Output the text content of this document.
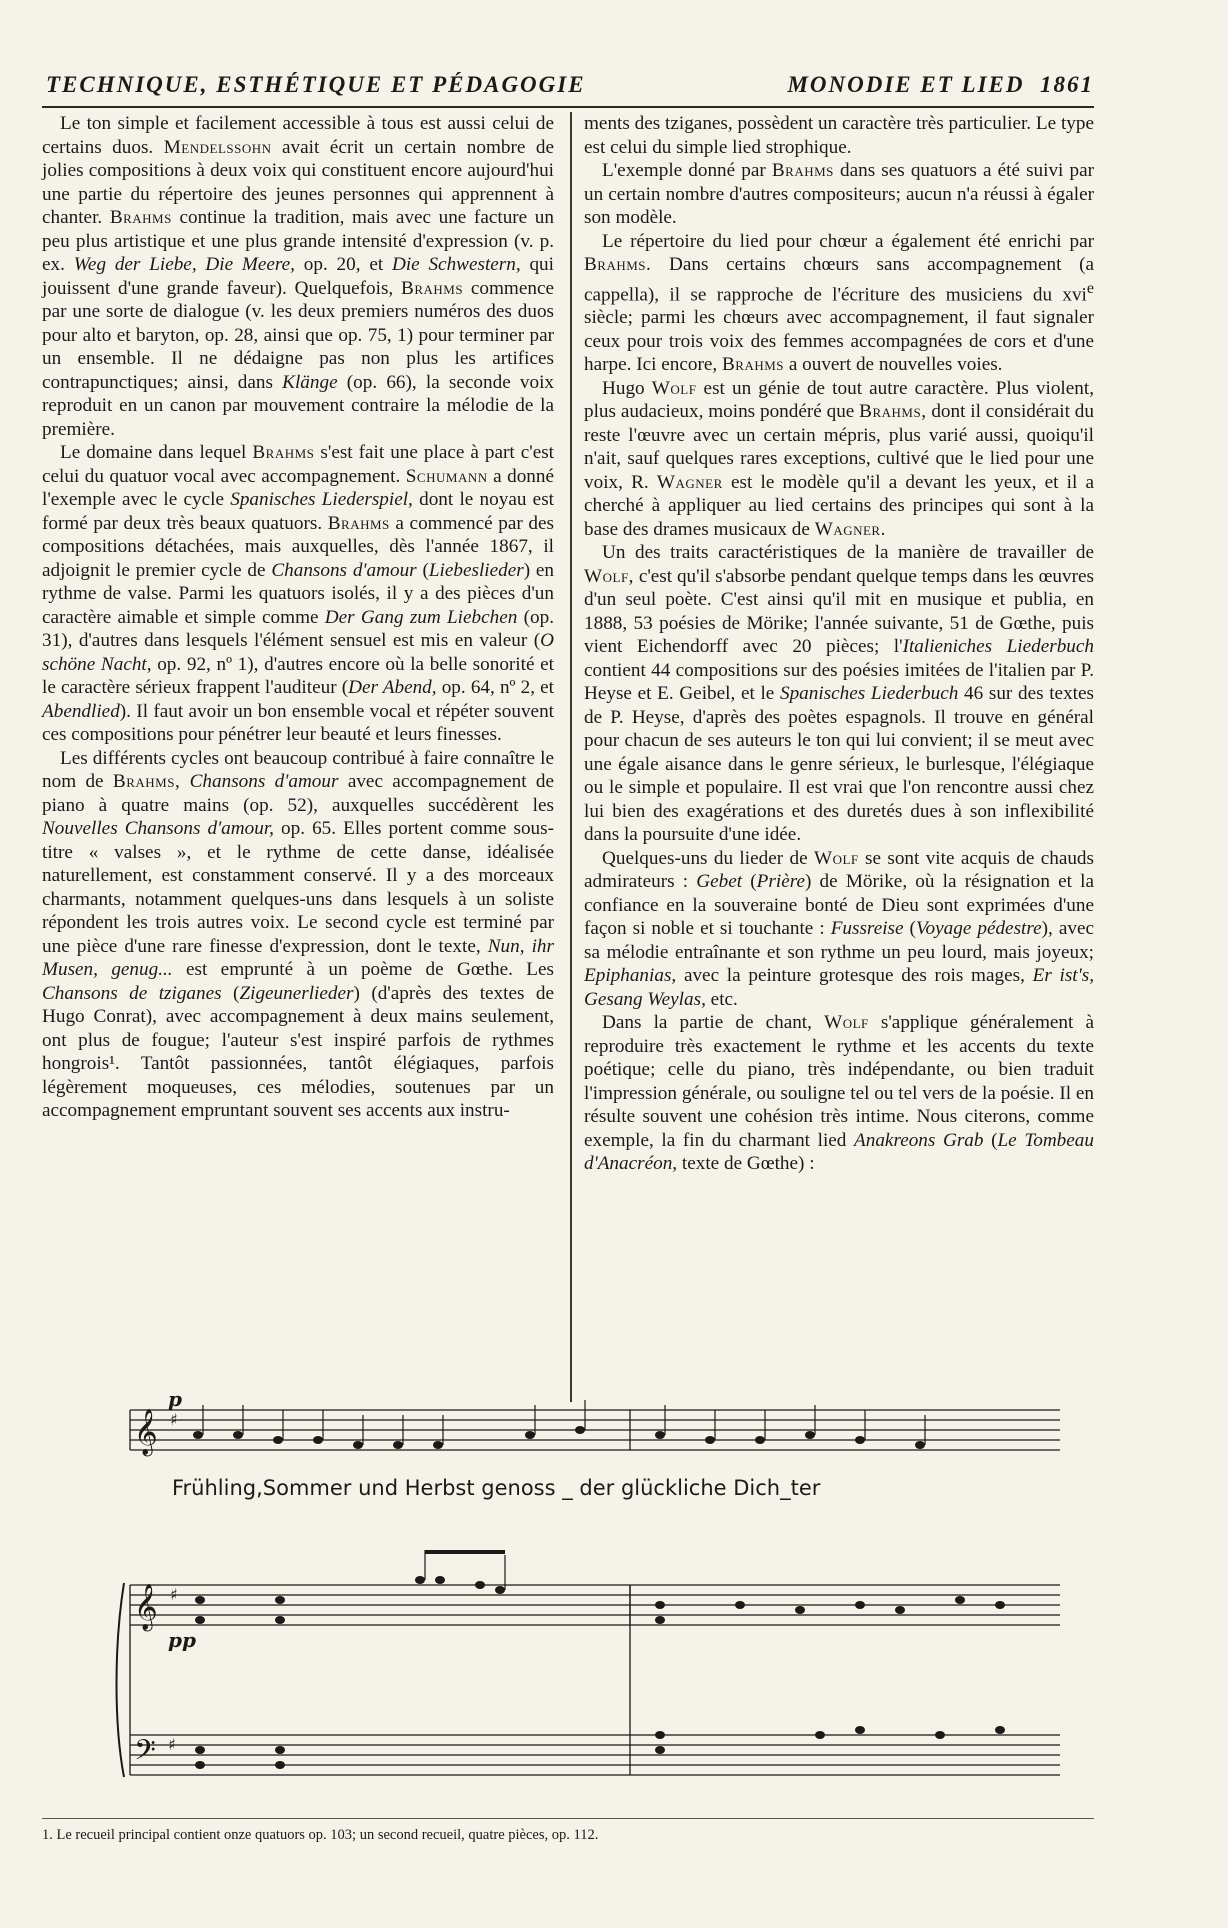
TECHNIQUE, ESTHÉTIQUE ET PÉDAGOGIE	MONODIE ET LIED 1861

Le ton simple et facilement accessible à tous est aussi celui de certains duos. Mendelssohn avait écrit un certain nombre de jolies compositions à deux voix qui constituent encore aujourd'hui une partie du répertoire des jeunes personnes qui apprennent à chanter. Brahms continue la tradition, mais avec une facture un peu plus artistique et une plus grande intensité d'expression (v. p. ex. Weg der Liebe, Die Meere, op. 20, et Die Schwestern, qui jouissent d'une grande faveur). Quelquefois, Brahms commence par une sorte de dialogue (v. les deux premiers numéros des duos pour alto et baryton, op. 28, ainsi que op. 75, 1) pour terminer par un ensemble. Il ne dédaigne pas non plus les artifices contrapunctiques; ainsi, dans Klänge (op. 66), la seconde voix reproduit en un canon par mouvement contraire la mélodie de la première.

Le domaine dans lequel Brahms s'est fait une place à part c'est celui du quatuor vocal avec accompagnement. Schumann a donné l'exemple avec le cycle Spanisches Liederspiel, dont le noyau est formé par deux très beaux quatuors. Brahms a commencé par des compositions détachées, mais auxquelles, dès l'année 1867, il adjoignit le premier cycle de Chansons d'amour (Liebeslieder) en rythme de valse. Parmi les quatuors isolés, il y a des pièces d'un caractère aimable et simple comme Der Gang zum Liebchen (op. 31), d'autres dans lesquels l'élément sensuel est mis en valeur (O schöne Nacht, op. 92, nº 1), d'autres encore où la belle sonorité et le caractère sérieux frappent l'auditeur (Der Abend, op. 64, nº 2, et Abendlied). Il faut avoir un bon ensemble vocal et répéter souvent ces compositions pour pénétrer leur beauté et leurs finesses.

Les différents cycles ont beaucoup contribué à faire connaître le nom de Brahms, Chansons d'amour avec accompagnement de piano à quatre mains (op. 52), auxquelles succédèrent les Nouvelles Chansons d'amour, op. 65. Elles portent comme sous-titre « valses », et le rythme de cette danse, idéalisée naturellement, est constamment conservé. Il y a des morceaux charmants, notamment quelques-uns dans lesquels à un soliste répondent les trois autres voix. Le second cycle est terminé par une pièce d'une rare finesse d'expression, dont le texte, Nun, ihr Musen, genug... est emprunté à un poème de Gœthe. Les Chansons de tziganes (Zigeunerlieder) (d'après des textes de Hugo Conrat), avec accompagnement à deux mains seulement, ont plus de fougue; l'auteur s'est inspiré parfois de rythmes hongrois¹. Tantôt passionnées, tantôt élégiaques, parfois légèrement moqueuses, ces mélodies, soutenues par un accompagnement empruntant souvent ses accents aux instru-

ments des tziganes, possèdent un caractère très particulier. Le type est celui du simple lied strophique.

L'exemple donné par Brahms dans ses quatuors a été suivi par un certain nombre d'autres compositeurs; aucun n'a réussi à égaler son modèle.

Le répertoire du lied pour chœur a également été enrichi par Brahms. Dans certains chœurs sans accompagnement (a cappella), il se rapproche de l'écriture des musiciens du xvi$^e$ siècle; parmi les chœurs avec accompagnement, il faut signaler ceux pour trois voix des femmes accompagnées de cors et d'une harpe. Ici encore, Brahms a ouvert de nouvelles voies.

Hugo Wolf est un génie de tout autre caractère. Plus violent, plus audacieux, moins pondéré que Brahms, dont il considérait du reste l'œuvre avec un certain mépris, plus varié aussi, quoiqu'il n'ait, sauf quelques rares exceptions, cultivé que le lied pour une voix, R. Wagner est le modèle qu'il a devant les yeux, et il a cherché à appliquer au lied certains des principes qui sont à la base des drames musicaux de Wagner.

Un des traits caractéristiques de la manière de travailler de Wolf, c'est qu'il s'absorbe pendant quelque temps dans les œuvres d'un seul poète. C'est ainsi qu'il mit en musique et publia, en 1888, 53 poésies de Mörike; l'année suivante, 51 de Gœthe, puis vient Eichendorff avec 20 pièces; l'Italieniches Liederbuch contient 44 compositions sur des poésies imitées de l'italien par P. Heyse et E. Geibel, et le Spanisches Liederbuch 46 sur des textes de P. Heyse, d'après des poètes espagnols. Il trouve en général pour chacun de ses auteurs le ton qui lui convient; il se meut avec une égale aisance dans le genre sérieux, le burlesque, l'élégiaque ou le simple et populaire. Il est vrai que l'on rencontre aussi chez lui bien des exagérations et des duretés dues à son inflexibilité dans la poursuite d'une idée.

Quelques-uns du lieder de Wolf se sont vite acquis de chauds admirateurs : Gebet (Prière) de Mörike, où la résignation et la confiance en la souveraine bonté de Dieu sont exprimées d'une façon si noble et si touchante : Fussreise (Voyage pédestre), avec sa mélodie entraînante et son rythme un peu lourd, mais joyeux; Epiphanias, avec la peinture grotesque des rois mages, Er ist's, Gesang Weylas, etc.

Dans la partie de chant, Wolf s'applique généralement à reproduire très exactement le rythme et les accents du texte poétique; celle du piano, très indépendante, ou bien traduit l'impression générale, ou souligne tel ou tel vers de la poésie. Il en résulte souvent une cohésion très intime. Nous citerons, comme exemple, la fin du charmant lied Anakreons Grab (Le Tombeau d'Anacréon, texte de Gœthe) :

𝄞
𝄞
𝄢
♯
♯
♯
p
pp
Frühling,Sommer und Herbst genoss _ der glückliche Dich_ter
1. Le recueil principal contient onze quatuors op. 103; un second recueil, quatre pièces, op. 112.
